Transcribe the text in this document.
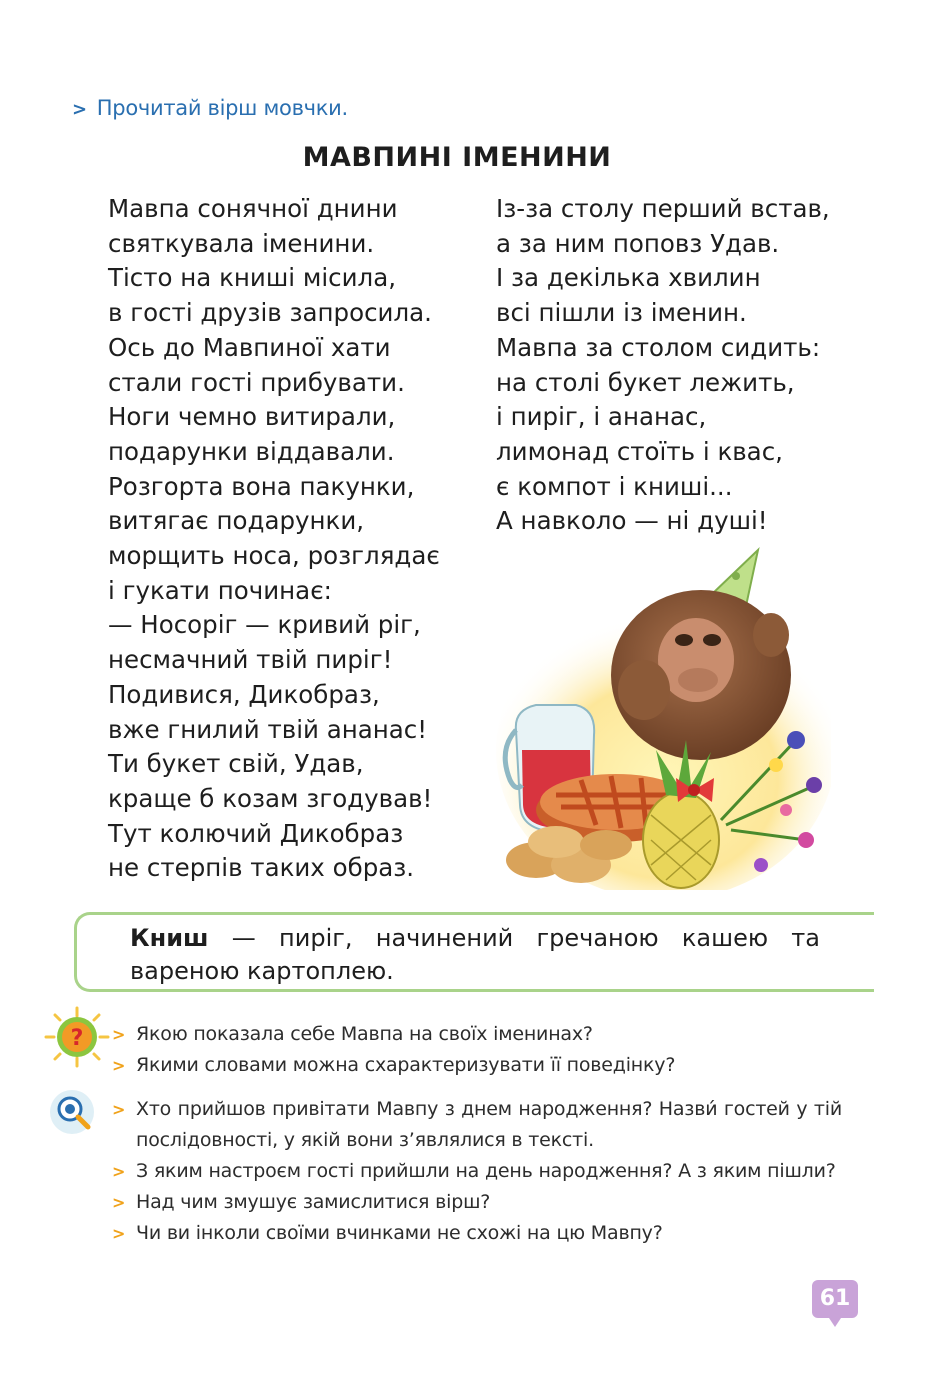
> Прочитай вірш мовчки.
МАВПИНІ ІМЕНИНИ
Мавпа сонячної днини
святкувала іменини.
Тісто на книші місила,
в гості друзів запросила.
Ось до Мавпиної хати
стали гості прибувати.
Ноги чемно витирали,
подарунки віддавали.
Розгорта вона пакунки,
витягає подарунки,
морщить носа, розглядає
і гукати починає:
— Носоріг — кривий ріг,
несмачний твій пиріг!
Подивися, Дикобраз,
вже гнилий твій ананас!
Ти букет свій, Удав,
краще б козам згодував!
Тут колючий Дикобраз
не стерпів таких образ.
Із-за столу перший встав,
а за ним поповз Удав.
І за декілька хвилин
всі пішли із іменин.
Мавпа за столом сидить:
на столі букет лежить,
і пиріг, і ананас,
лимонад стоїть і квас,
є компот і книші...
А навколо — ні душі!
Книш — пиріг, начинений гречаною кашею та вареною картоплею.
? > Якою показала себе Мавпа на своїх іменинах?
> Якими словами можна схарактеризувати її поведінку?
> Хто прийшов привітати Мавпу з днем народження? Назви́ гостей у тій послідовності, у якій вони з’являлися в тексті.
> З яким настроєм гості прийшли на день народження? А з яким пішли?
> Над чим змушує замислитися вірш?
> Чи ви інколи своїми вчинками не схожі на цю Мавпу?
61
